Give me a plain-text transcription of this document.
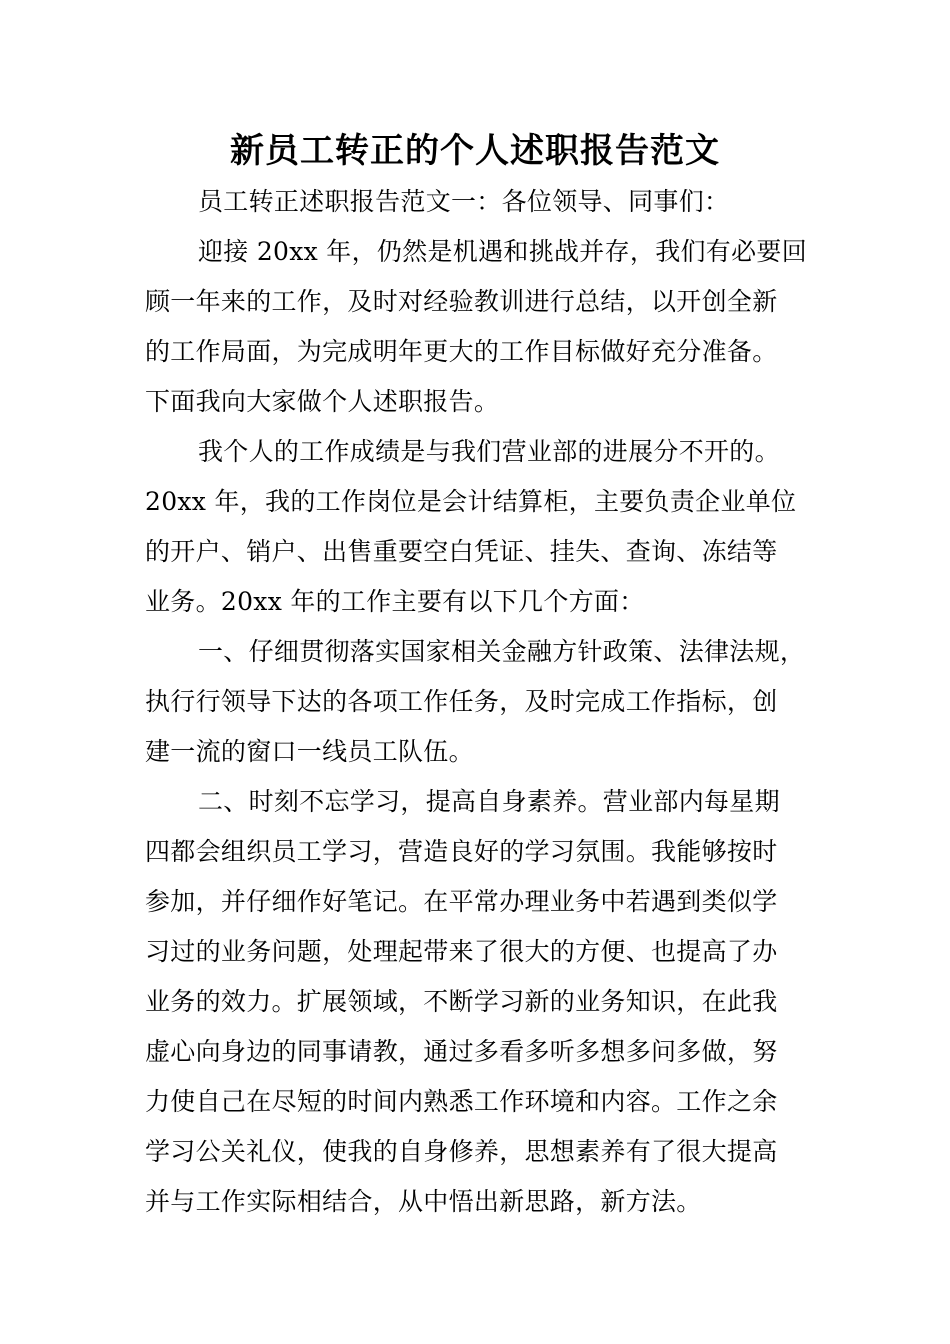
新员工转正的个人述职报告范文

员工转正述职报告范文一：各位领导、同事们：

迎接 20xx 年，仍然是机遇和挑战并存，我们有必要回

顾一年来的工作，及时对经验教训进行总结，以开创全新

的工作局面，为完成明年更大的工作目标做好充分准备。

下面我向大家做个人述职报告。

我个人的工作成绩是与我们营业部的进展分不开的。

20xx 年，我的工作岗位是会计结算柜，主要负责企业单位

的开户、销户、出售重要空白凭证、挂失、查询、冻结等

业务。20xx 年的工作主要有以下几个方面：

一、仔细贯彻落实国家相关金融方针政策、法律法规，

执行行领导下达的各项工作任务，及时完成工作指标，创

建一流的窗口一线员工队伍。

二、时刻不忘学习，提高自身素养。营业部内每星期

四都会组织员工学习，营造良好的学习氛围。我能够按时

参加，并仔细作好笔记。在平常办理业务中若遇到类似学

习过的业务问题，处理起带来了很大的方便、也提高了办

业务的效力。扩展领域，不断学习新的业务知识，在此我

虚心向身边的同事请教，通过多看多听多想多问多做，努

力使自己在尽短的时间内熟悉工作环境和内容。工作之余

学习公关礼仪，使我的自身修养，思想素养有了很大提高

并与工作实际相结合，从中悟出新思路，新方法。
